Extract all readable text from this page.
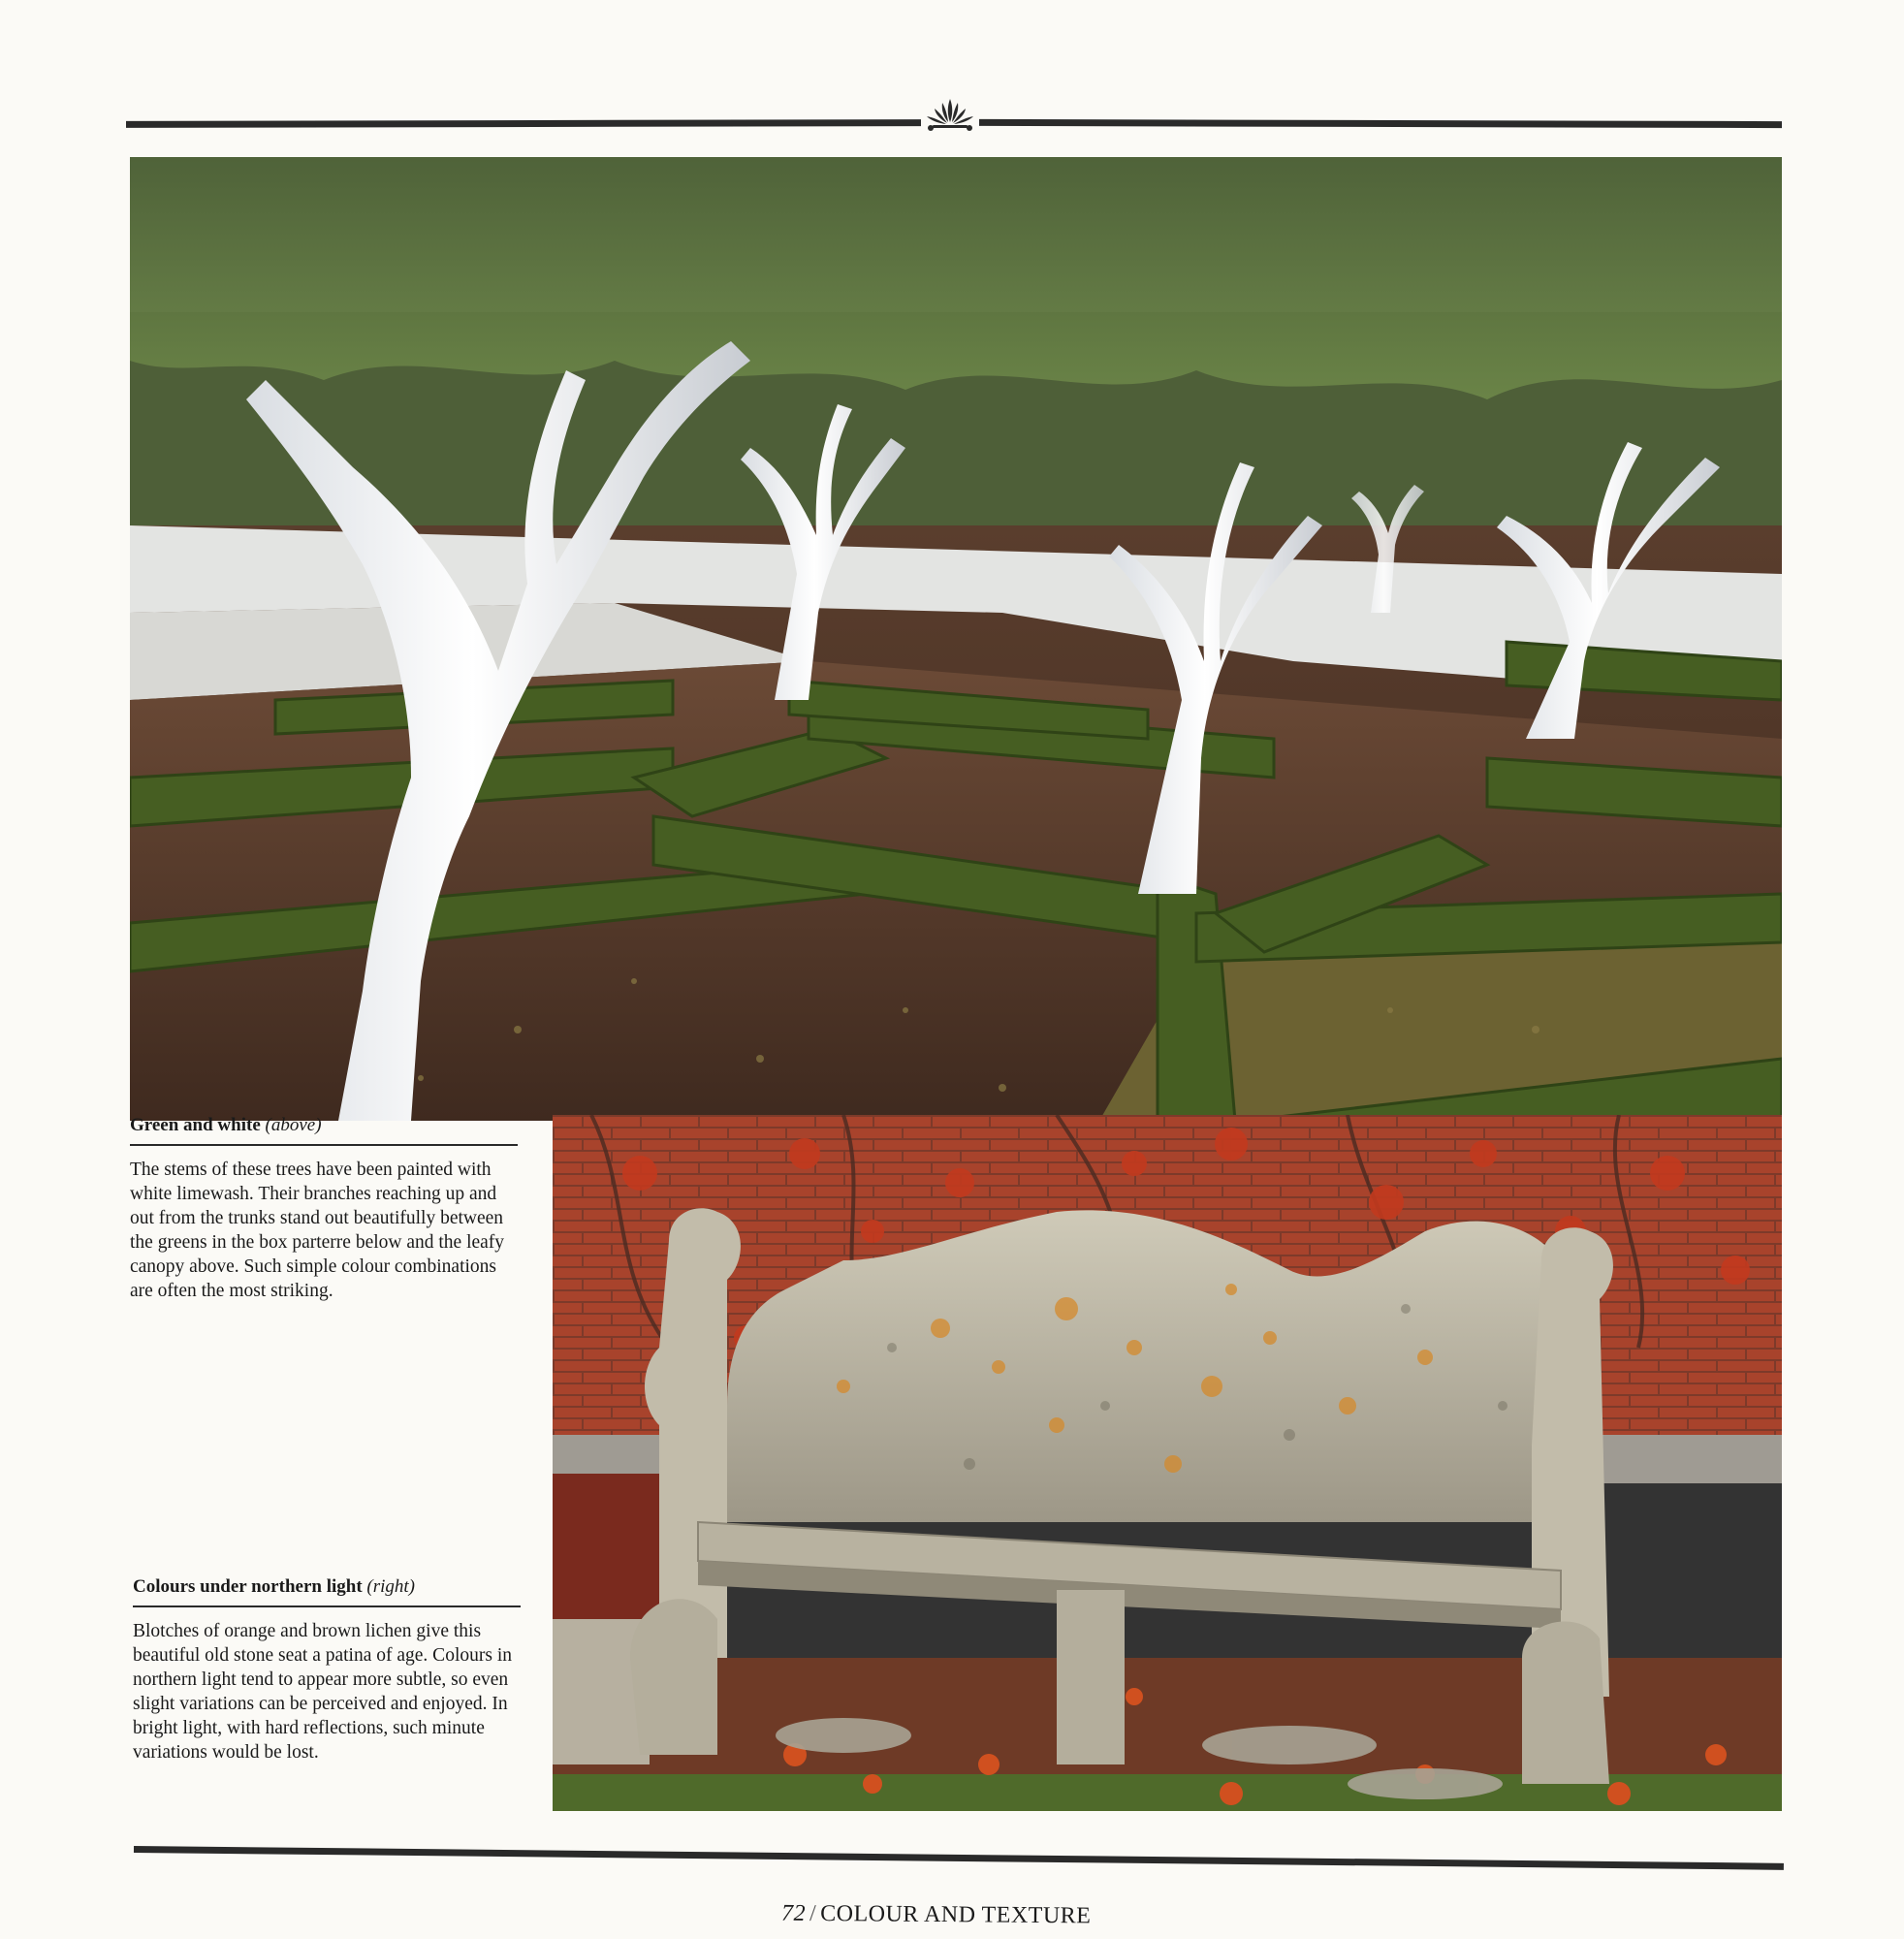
Green and white (above)

The stems of these trees have been painted with white limewash. Their branches reaching up and out from the trunks stand out beautifully between the greens in the box parterre below and the leafy canopy above. Such simple colour combinations are often the most striking.

Colours under northern light (right)

Blotches of orange and brown lichen give this beautiful old stone seat a patina of age. Colours in northern light tend to appear more subtle, so even slight variations can be perceived and enjoyed. In bright light, with hard reflections, such minute variations would be lost.

72 / COLOUR AND TEXTURE
